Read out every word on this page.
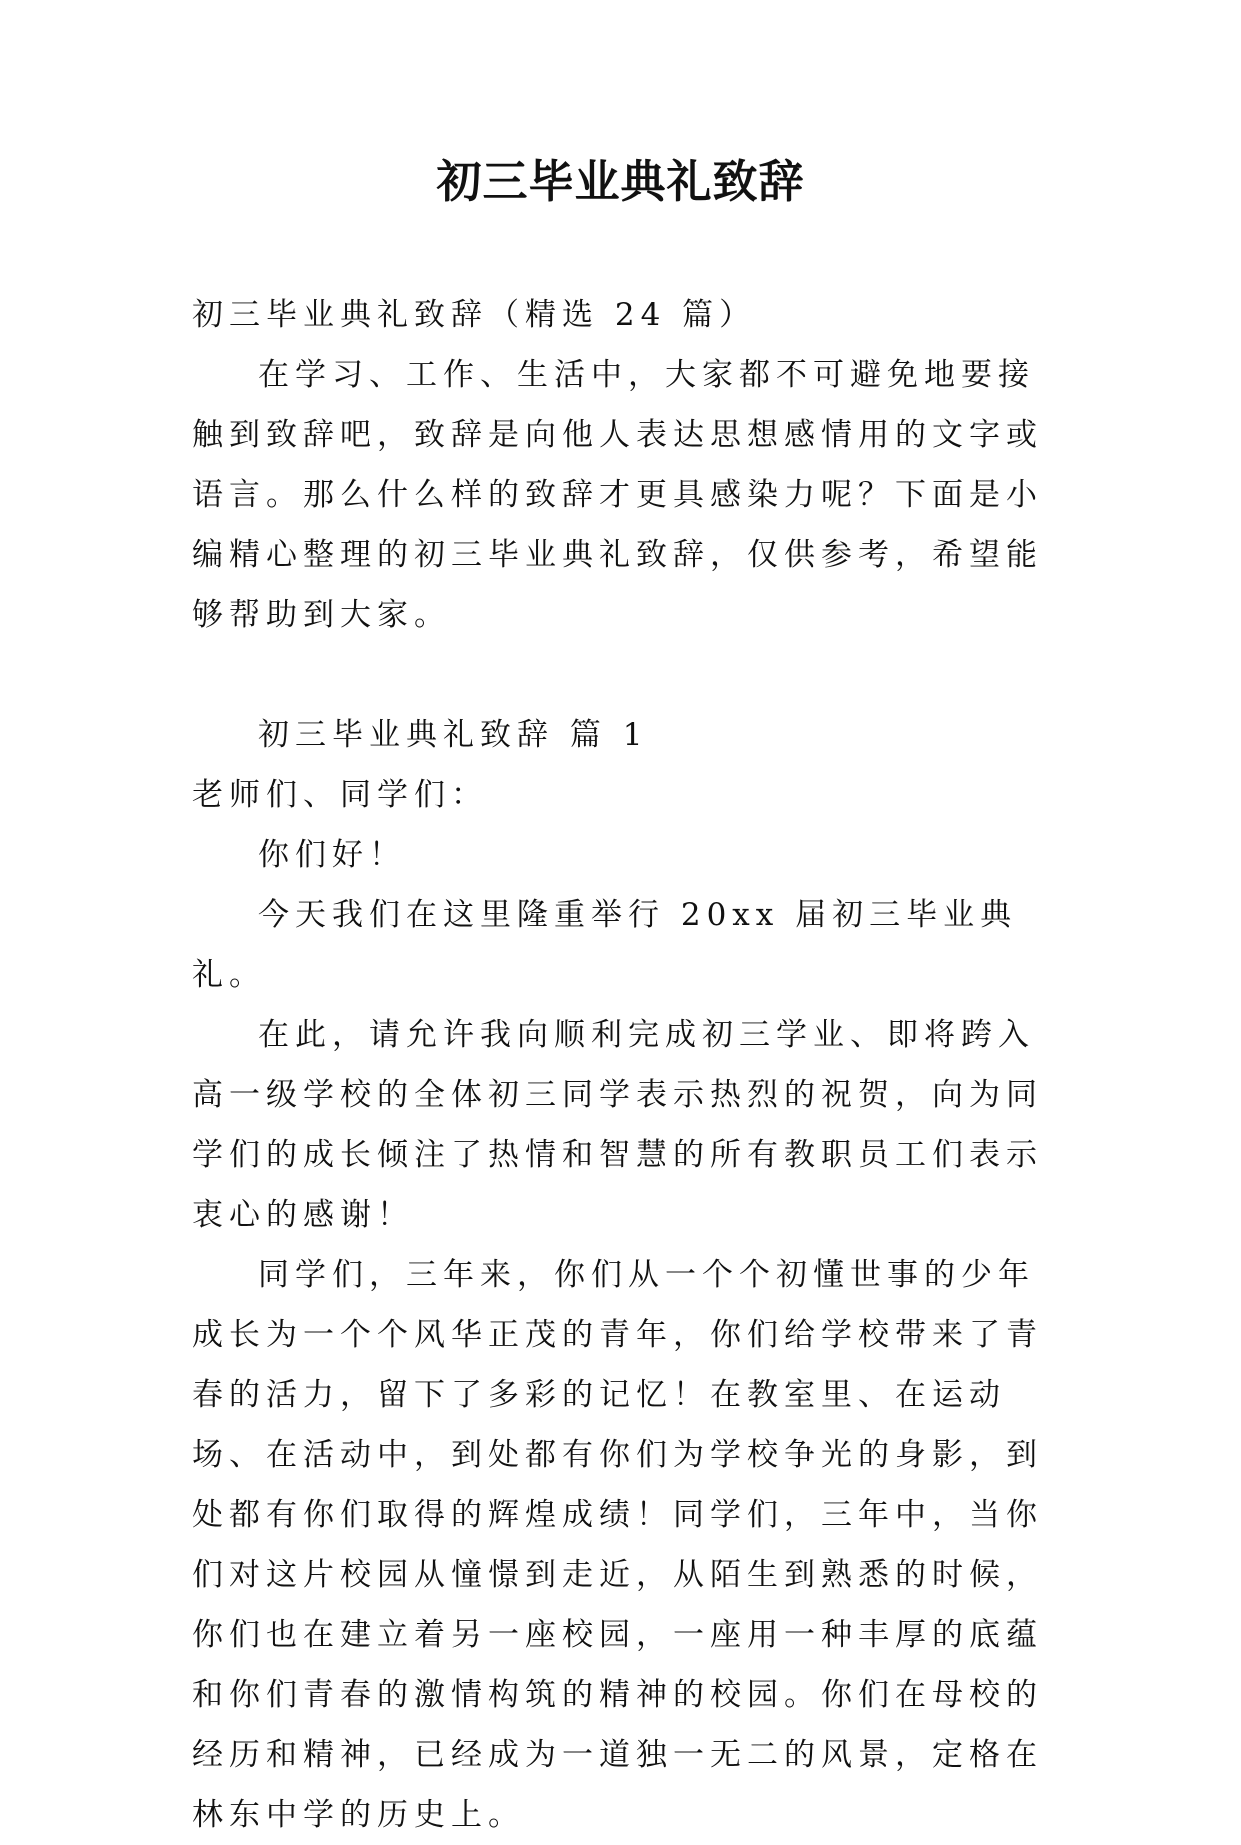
初三毕业典礼致辞

初三毕业典礼致辞（精选 24 篇）

在学习、工作、生活中，大家都不可避免地要接触到致辞吧，致辞是向他人表达思想感情用的文字或语言。那么什么样的致辞才更具感染力呢？下面是小编精心整理的初三毕业典礼致辞，仅供参考，希望能够帮助到大家。

初三毕业典礼致辞 篇 1

老师们、同学们：

你们好！

今天我们在这里隆重举行 20xx 届初三毕业典礼。

在此，请允许我向顺利完成初三学业、即将跨入高一级学校的全体初三同学表示热烈的祝贺，向为同学们的成长倾注了热情和智慧的所有教职员工们表示衷心的感谢！

同学们，三年来，你们从一个个初懂世事的少年成长为一个个风华正茂的青年，你们给学校带来了青春的活力，留下了多彩的记忆！在教室里、在运动场、在活动中，到处都有你们为学校争光的身影，到处都有你们取得的辉煌成绩！同学们，三年中，当你们对这片校园从憧憬到走近，从陌生到熟悉的时候，你们也在建立着另一座校园，一座用一种丰厚的底蕴和你们青春的激情构筑的精神的校园。你们在母校的经历和精神，已经成为一道独一无二的风景，定格在林东中学的历史上。
